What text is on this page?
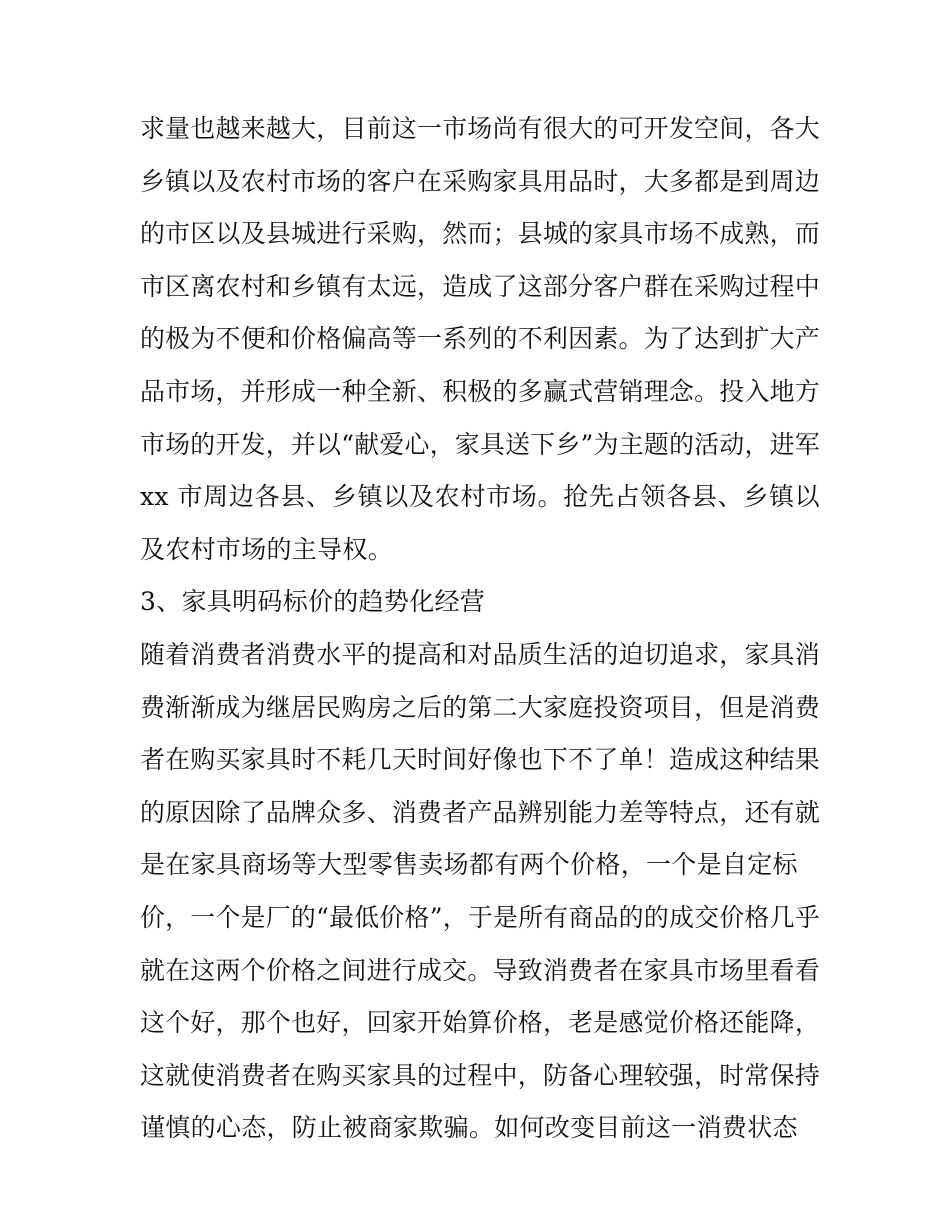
求量也越来越大，目前这一市场尚有很大的可开发空间，各大
乡镇以及农村市场的客户在采购家具用品时，大多都是到周边
的市区以及县城进行采购，然而；县城的家具市场不成熟，而
市区离农村和乡镇有太远，造成了这部分客户群在采购过程中
的极为不便和价格偏高等一系列的不利因素。为了达到扩大产
品市场，并形成一种全新、积极的多赢式营销理念。投入地方
市场的开发，并以“献爱心，家具送下乡”为主题的活动，进军
xx 市周边各县、乡镇以及农村市场。抢先占领各县、乡镇以
及农村市场的主导权。
3、家具明码标价的趋势化经营
随着消费者消费水平的提高和对品质生活的迫切追求，家具消
费渐渐成为继居民购房之后的第二大家庭投资项目，但是消费
者在购买家具时不耗几天时间好像也下不了单！造成这种结果
的原因除了品牌众多、消费者产品辨别能力差等特点，还有就
是在家具商场等大型零售卖场都有两个价格，一个是自定标
价，一个是厂的“最低价格”，于是所有商品的的成交价格几乎
就在这两个价格之间进行成交。导致消费者在家具市场里看看
这个好，那个也好，回家开始算价格，老是感觉价格还能降，
这就使消费者在购买家具的过程中，防备心理较强，时常保持
谨慎的心态，防止被商家欺骗。如何改变目前这一消费状态
